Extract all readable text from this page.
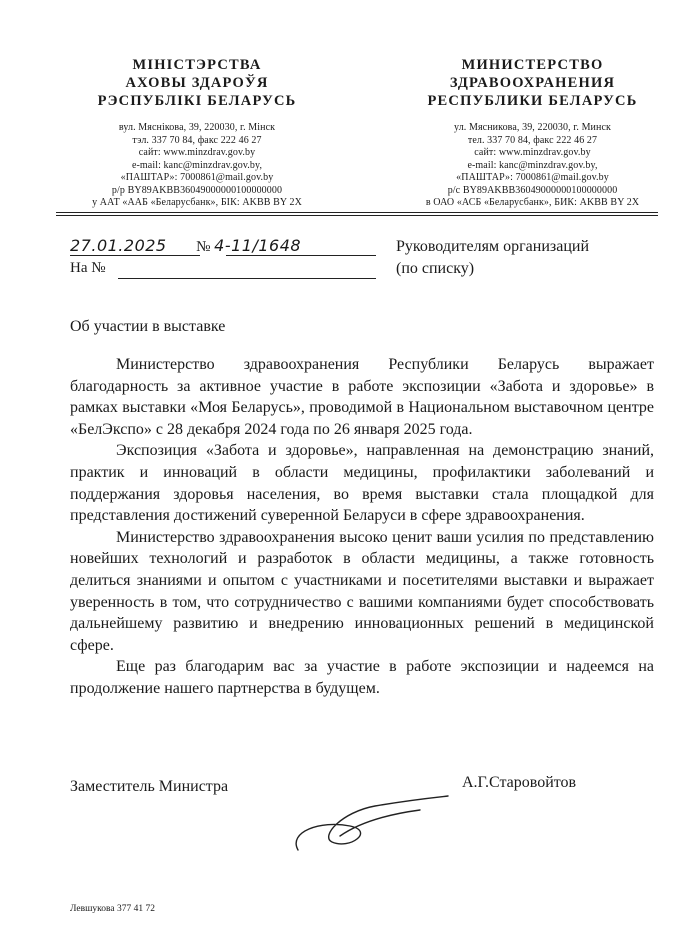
МІНІСТЭРСТВА
АХОВЫ ЗДАРОЎЯ
РЭСПУБЛІКІ БЕЛАРУСЬ
вул. Мяснікова, 39, 220030, г. Мінск
тэл. 337 70 84, факс 222 46 27
сайт: www.minzdrav.gov.by
e-mail: kanc@minzdrav.gov.by,
«ПАШТАР»: 7000861@mail.gov.by
р/р BY89AKBB36049000000100000000
у ААТ «ААБ «Беларусбанк», БІК: AKBB BY 2X
МИНИСТЕРСТВО
ЗДРАВООХРАНЕНИЯ
РЕСПУБЛИКИ БЕЛАРУСЬ
ул. Мясникова, 39, 220030, г. Минск
тел. 337 70 84, факс 222 46 27
сайт: www.minzdrav.gov.by
e-mail: kanc@minzdrav.gov.by,
«ПАШТАР»: 7000861@mail.gov.by
р/с BY89AKBB36049000000100000000
в ОАО «АСБ «Беларусбанк», БИК: AKBB BY 2X
27.01.2025 № 4-11/1648
На №
Руководителям организаций
(по списку)
Об участии в выставке

Министерство здравоохранения Республики Беларусь выражает благодарность за активное участие в работе экспозиции «Забота и здоровье» в рамках выставки «Моя Беларусь», проводимой в Национальном выставочном центре «БелЭкспо» с 28 декабря 2024 года по 26 января 2025 года.

Экспозиция «Забота и здоровье», направленная на демонстрацию знаний, практик и инноваций в области медицины, профилактики заболеваний и поддержания здоровья населения, во время выставки стала площадкой для представления достижений суверенной Беларуси в сфере здравоохранения.

Министерство здравоохранения высоко ценит ваши усилия по представлению новейших технологий и разработок в области медицины, а также готовность делиться знаниями и опытом с участниками и посетителями выставки и выражает уверенность в том, что сотрудничество с вашими компаниями будет способствовать дальнейшему развитию и внедрению инновационных решений в медицинской сфере.

Еще раз благодарим вас за участие в работе экспозиции и надеемся на продолжение нашего партнерства в будущем.

Заместитель Министра	А.Г.Старовойтов
Левшукова 377 41 72
